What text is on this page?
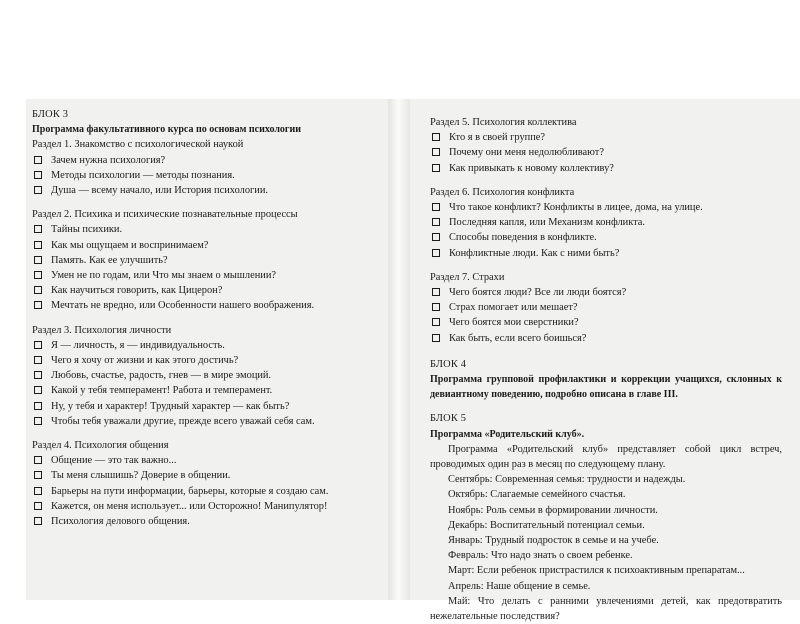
БЛОК 3
Программа факультативного курса по основам психологии
Раздел 1. Знакомство с психологической наукой
Зачем нужна психология?
Методы психологии — методы познания.
Душа — всему начало, или История психологии.
Раздел 2. Психика и психические познавательные процессы
Тайны психики.
Как мы ощущаем и воспринимаем?
Память. Как ее улучшить?
Умен не по годам, или Что мы знаем о мышлении?
Как научиться говорить, как Цицерон?
Мечтать не вредно, или Особенности нашего воображения.
Раздел 3. Психология личности
Я — личность, я — индивидуальность.
Чего я хочу от жизни и как этого достичь?
Любовь, счастье, радость, гнев — в мире эмоций.
Какой у тебя темперамент! Работа и темперамент.
Ну, у тебя и характер! Трудный характер — как быть?
Чтобы тебя уважали другие, прежде всего уважай себя сам.
Раздел 4. Психология общения
Общение — это так важно...
Ты меня слышишь? Доверие в общении.
Барьеры на пути информации, барьеры, которые я создаю сам.
Кажется, он меня использует... или Осторожно! Манипулятор!
Психология делового общения.
Раздел 5. Психология коллектива
Кто я в своей группе?
Почему они меня недолюбливают?
Как привыкать к новому коллективу?
Раздел 6. Психология конфликта
Что такое конфликт? Конфликты в лицее, дома, на улице.
Последняя капля, или Механизм конфликта.
Способы поведения в конфликте.
Конфликтные люди. Как с ними быть?
Раздел 7. Страхи
Чего боятся люди? Все ли люди боятся?
Страх помогает или мешает?
Чего боятся мои сверстники?
Как быть, если всего боишься?
БЛОК 4
Программа групповой профилактики и коррекции учащихся, склонных к девиантному поведению, подробно описана в главе III.
БЛОК 5
Программа «Родительский клуб».
Программа «Родительский клуб» представляет собой цикл встреч, проводимых один раз в месяц по следующему плану.
Сентябрь: Современная семья: трудности и надежды.
Октябрь: Слагаемые семейного счастья.
Ноябрь: Роль семьи в формировании личности.
Декабрь: Воспитательный потенциал семьи.
Январь: Трудный подросток в семье и на учебе.
Февраль: Что надо знать о своем ребенке.
Март: Если ребенок пристрастился к психоактивным препаратам...
Апрель: Наше общение в семье.
Май: Что делать с ранними увлечениями детей, как предотвратить нежелательные последствия?
